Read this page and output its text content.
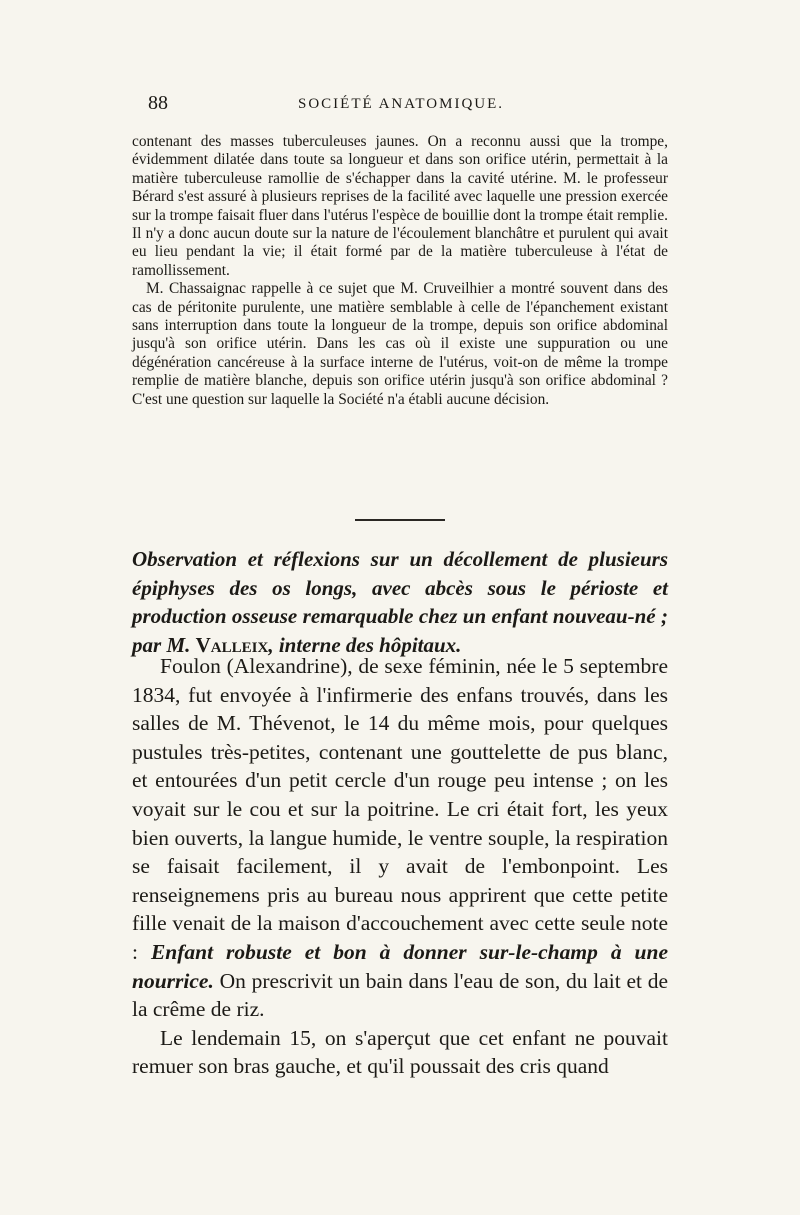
88	SOCIÉTÉ ANATOMIQUE.

contenant des masses tuberculeuses jaunes. On a reconnu aussi que la trompe, évidemment dilatée dans toute sa longueur et dans son orifice utérin, permettait à la matière tuberculeuse ramollie de s'échapper dans la cavité utérine. M. le professeur Bérard s'est assuré à plusieurs reprises de la facilité avec laquelle une pression exercée sur la trompe faisait fluer dans l'utérus l'espèce de bouillie dont la trompe était remplie. Il n'y a donc aucun doute sur la nature de l'écoulement blanchâtre et purulent qui avait eu lieu pendant la vie; il était formé par de la matière tuberculeuse à l'état de ramollissement.

M. Chassaignac rappelle à ce sujet que M. Cruveilhier a montré souvent dans des cas de péritonite purulente, une matière semblable à celle de l'épanchement existant sans interruption dans toute la longueur de la trompe, depuis son orifice abdominal jusqu'à son orifice utérin. Dans les cas où il existe une suppuration ou une dégénération cancéreuse à la surface interne de l'utérus, voit-on de même la trompe remplie de matière blanche, depuis son orifice utérin jusqu'à son orifice abdominal ? C'est une question sur laquelle la Société n'a établi aucune décision.

Observation et réflexions sur un décollement de plusieurs épiphyses des os longs, avec abcès sous le périoste et production osseuse remarquable chez un enfant nouveau-né ; par M. Valleix, interne des hôpitaux.

Foulon (Alexandrine), de sexe féminin, née le 5 septembre 1834, fut envoyée à l'infirmerie des enfans trouvés, dans les salles de M. Thévenot, le 14 du même mois, pour quelques pustules très-petites, contenant une gouttelette de pus blanc, et entourées d'un petit cercle d'un rouge peu intense ; on les voyait sur le cou et sur la poitrine. Le cri était fort, les yeux bien ouverts, la langue humide, le ventre souple, la respiration se faisait facilement, il y avait de l'embonpoint. Les renseignemens pris au bureau nous apprirent que cette petite fille venait de la maison d'accouchement avec cette seule note : Enfant robuste et bon à donner sur-le-champ à une nourrice. On prescrivit un bain dans l'eau de son, du lait et de la crême de riz.

Le lendemain 15, on s'aperçut que cet enfant ne pouvait remuer son bras gauche, et qu'il poussait des cris quand
